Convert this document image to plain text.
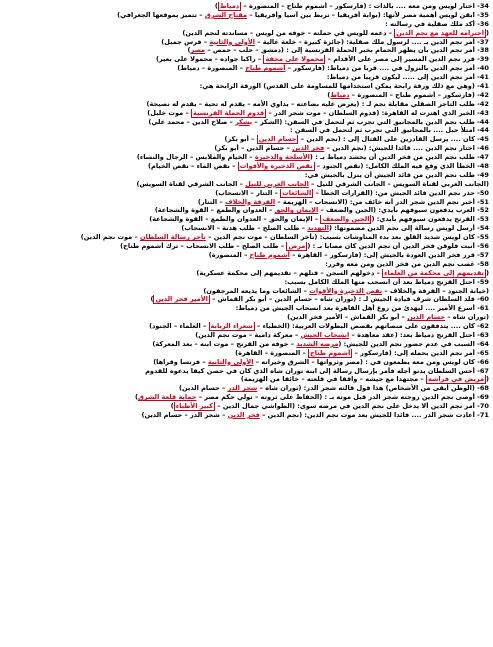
34- اختار لويس ومن معه .... بالذات : (فارسكور – أشموم طناح – المنصورة – دمياط)
35- ابقن لويس أهمية مصر لأنها: (بوابة أفريقيا – تربط بين آسيا وأفريقيا – مفتاح الشرق – تتميز بموقعها الجغرافي)
36- أكد ملك صقلية في رسالته :
(احترامه للعهد مع نجم الدين – دعمه للويس في حملته – خوفه من لويس – مساندته لنجم الدين)
37- أمر نجم الدين بـ .... لرسول ملك صقلية: (جائزة كبيرة – خلعة غالية – الأولى والثانية – فرس جميل)
38- أمر نجم الدين بأن يظهر الحمام بخبر الحملة الفرنسية إلى : (دمشق – حلب – حمص – مصر)
39- قرر نجم الدين المسير إلى مصر على الأقدام – محمولا على محفة – راكبا جواده – محمولا على بعير)
40- أمر نجم الدين بالنزول في .... قربا من دمياط: (فارسكور – أشموم طناح – المنصورة – دمياط)
41- أمر نجم الدين إلى ..... ليكون قريبا من دمياط:
41- (وهي مع ذلك ورقة رابحة يمكن استخدامها للمساومة على القدس) الورقة الرابحة هي:
42- (فارسكور – أشموم طناح – المنصورة – دمياط)
42- طلب التاجر الصقلي مقابلة نجم لـ : (يعرض عليه بضاعته – يداوي الأمه – يقدم له تحية – يقدم له نصيحة)
43- الخبر الذي اهتزت له القاهرة: (قدوم السلطان – موت شجر الدر – قدوم الحملة الفرنسية – موت خليل)
44- طلب نجم الدين بالمجانيق التي تجرب ثم لتحمل في السفن: (الشكر – بشكر – صلاح الدين – محمد علي)
44- امتلأ جبل .... بالمجانيق التي تجرب ثم لتحمل في السفن :
45- كان .... يرسل القادرين على القتال إلى : (نجم الدين – حسام الدين – أبو بكر)
46- اختار نجم الدين .... قائدا للجيش: (نجم الدين – فخر الدين – حسام الدين – أبو بكر)
47- طلب نجم الدين من فخر الدين أن يحشد دمياط بـ : (الأسلحة والذخيرة – الخيام والملابس – الرجال والنساء)
48- الخطأ الذي وقع فيه الملك الكامل: (نقص الجنود – نقص الذخيرة والأقوات – نقص الماء – نقص الخيام)
49- طلب نجم الدين من قائد الجيش أن ينزل بالجيش في:
(الجانب الغربي لقناة السويس – الجانب الشرقي للنيل – الجانب الغربي للنيل – الجانب الشرقي لقناة السويس)
50- حذر نجم الدين قائد الجيش من: (القرارات الخطأ – الشائعات – التتار – الانسحاب)
51- أخبر نجم الدين شجر الدر أنه خائف من: (الانسحاب – الهزيمة – الفرقة والخلاف – التتار)
52- العرب يدفعون سيوفهم بأيدي: (الجبن والضعف – الإيمان والحق – العدوان والطمع – القوة والشجاعة)
53- الفرنج يدفعون سيوفهم بأيدي: (الجبن والضعف – الإيمان والحق – العدوان والطمع – القوة والشجاعة)
54- أرسل لويس رسالة إلى نجم الدين مضمونها: (التهديد – طلب الصلح – طلب هدنة – الانسحاب)
55- كان لويس شديد القلق بعد بدء المناوشات بسبب: (تأخر السلطان – موت نجم الدين – تأخر رسالة السلطان – موت نجم الدين)
56- أنبت فلوقن فخر الدين أن نجم الدين كان مصابا بـ : (مرض – طلب الصلح – طلب الانسحاب – ترك أشموم طناح)
57- قرر فخر الدين العودة بالجيش إلى: (فارسكور – القاهرة – أشموم طناح – المنصورة)
58- غضب نجم الدين من فخر الدين ومن معه وقرر:
(تقديمهم إلى محكمة من العلماء – دخولهم السجن – قتلهم – تقديمهم إلى محكمة عسكرية)
59- احتل الفرنج دمياط بعد أن انسحب منها الملك الكامل بسبب:
(خيانة الجنود – الفرقة والخلاف – نقص الذخيرة والأقوات – الشائعات وما يذيعه المرجفون)
60- قلد السلطان شرف قيادة الجيش لـ : (توران شاه – حسام الدين – أبو بكر القماش – الأمير فخر الدين)
61- أسرع الأمير .... ليهدئ من روع أهل القاهرة بعد انسحاب الجيش من دمياط:
(توران شاه – حسام الدين – أبو بكر القماش – الأمير فخر الدين)
62- كان .... يتدفقون على منصاتهم بقصص البطولات العربية: (الخطباء – شعراء الربابة – العلماء – الجنود)
63- احتل الفرنج دمياط بعد: (عقد معاهدة – انسحاب الجيش – معركة دامية – موت نجم الدين)
64- السبب في عدم حضور نجم الدين للجيش: (مرضه الشديد – خوفه من الفرنج – موت ابنه – بعد المعركة)
65- أمر نجم الدين بحمله إلى: (فارسكور – أشموم طناح – المنصورة – القاهرة)
66- كان لويس ومن معه يطمعون في : (مصر وثرواتها – الشرق وخيراته – الأولى والثانية – فرنسا وقراها)
67- أحس السلطان بدنو أجله فأمر بإرسال رسالة إلى ابنه توران شاه الذي كان في حصن كيفا يدعوه للقدوم
(مريض في فراشه – مجتهدا مع جيشه – واقفا في قلعته – خائفا من الهزيمة)
68- (الوطن أبقى من الأشخاص) هذا قول قالته شجر الدر: (توران شاه – شجر الدر – حسام الدين)
69- أوصى نجم الدين زوجته شجر الدر قبل موته بـ : (الحفاظ على ثروته – تولي حكم مصر – حماية قلعة الشرق)
70- أمر نجم الدين ألا يدخل على نجم الدين في مرضه سوى: (الطواشي جمال الدين – كبير الأطباء)
71- أعادت شجر الدر .... قائدا للجيش بعد موت نجم الدين: (نجم الدين – فخر الدين – شجر الدر – حسام الدين)
